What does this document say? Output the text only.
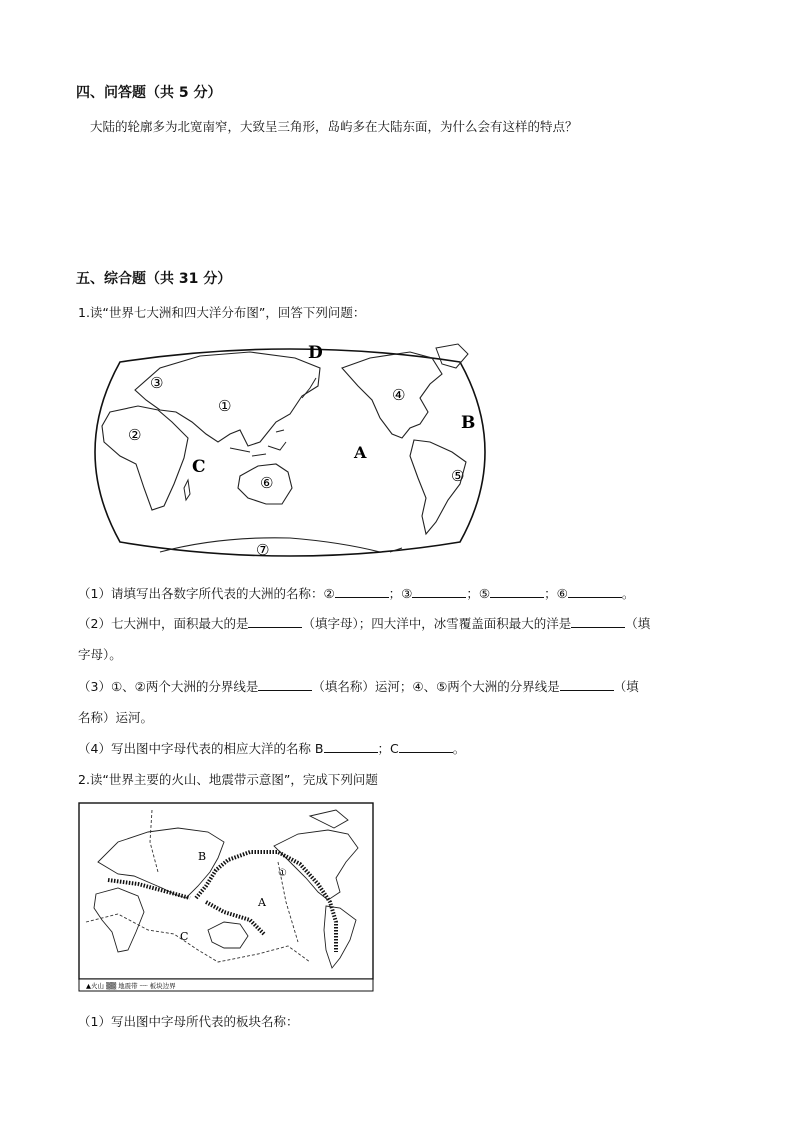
四、问答题（共 5 分）
大陆的轮廓多为北宽南窄，大致呈三角形，岛屿多在大陆东面，为什么会有这样的特点？
五、综合题（共 31 分）
1.读“世界七大洲和四大洋分布图”，回答下列问题：
D
B
A
C
①
②
③
④
⑤
⑥
⑦
（1）请填写出各数字所代表的大洲的名称：②	；③	；⑤	；⑥	。
（2）七大洲中，面积最大的是	（填字母）；四大洋中，冰雪覆盖面积最大的洋是	（填
字母）。
（3）①、②两个大洲的分界线是	（填名称）运河；④、⑤两个大洲的分界线是	（填
名称）运河。
（4）写出图中字母代表的相应大洋的名称 B	；C	。
2.读“世界主要的火山、地震带示意图”，完成下列问题
B
①
A
C
▲火山 ▒▒ 地震带 ┄┄ 板块边界
（1）写出图中字母所代表的板块名称：
